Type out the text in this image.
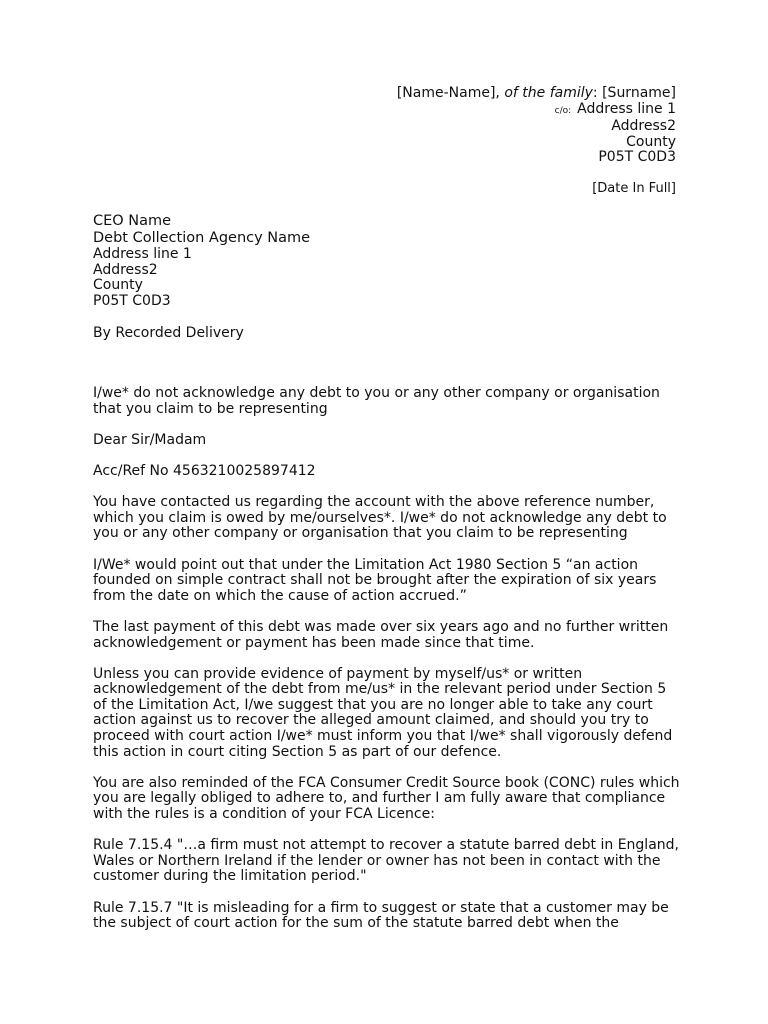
[Name-Name], of the family: [Surname]
c/o: Address line 1
Address2
County
P05T C0D3
[Date In Full]
CEO Name
Debt Collection Agency Name
Address line 1
Address2
County
P05T C0D3
By Recorded Delivery

I/we* do not acknowledge any debt to you or any other company or organisation that you claim to be representing

Dear Sir/Madam

Acc/Ref No 4563210025897412

You have contacted us regarding the account with the above reference number, which you claim is owed by me/ourselves*. I/we* do not acknowledge any debt to you or any other company or organisation that you claim to be representing

I/We* would point out that under the Limitation Act 1980 Section 5 “an action founded on simple contract shall not be brought after the expiration of six years from the date on which the cause of action accrued.”

The last payment of this debt was made over six years ago and no further written acknowledgement or payment has been made since that time.

Unless you can provide evidence of payment by myself/us* or written acknowledgement of the debt from me/us* in the relevant period under Section 5 of the Limitation Act, I/we suggest that you are no longer able to take any court action against us to recover the alleged amount claimed, and should you try to proceed with court action I/we* must inform you that I/we* shall vigorously defend this action in court citing Section 5 as part of our defence.

You are also reminded of the FCA Consumer Credit Source book (CONC) rules which you are legally obliged to adhere to, and further I am fully aware that compliance with the rules is a condition of your FCA Licence:

Rule 7.15.4 "…a firm must not attempt to recover a statute barred debt in England, Wales or Northern Ireland if the lender or owner has not been in contact with the customer during the limitation period."

Rule 7.15.7 "It is misleading for a firm to suggest or state that a customer may be the subject of court action for the sum of the statute barred debt when the
